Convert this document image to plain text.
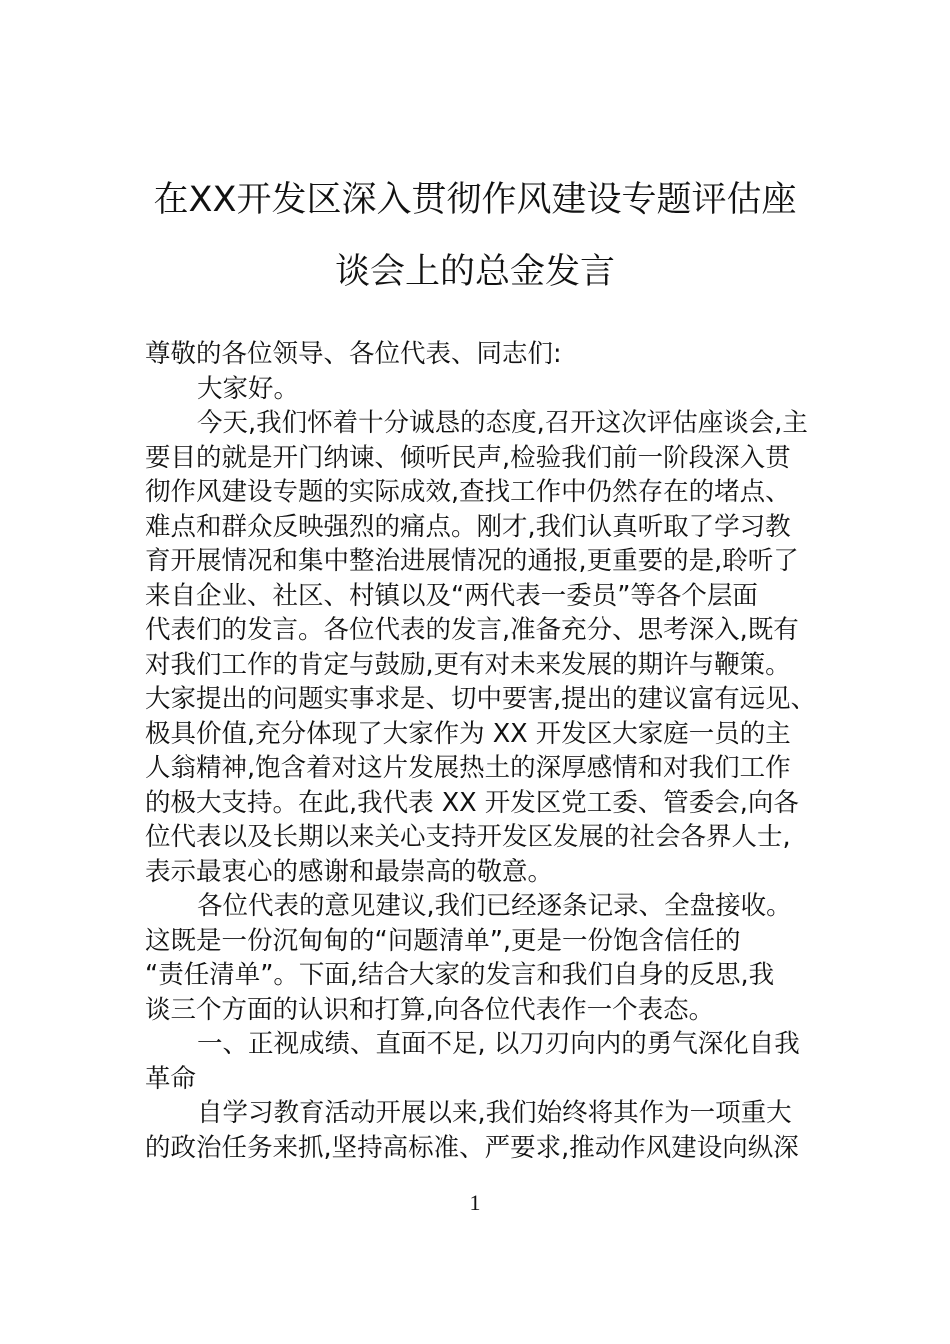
在XX开发区深入贯彻作风建设专题评估座
谈会上的总金发言
尊敬的各位领导、各位代表、同志们:
大家好。
今天,我们怀着十分诚恳的态度,召开这次评估座谈会,主
要目的就是开门纳谏、倾听民声,检验我们前一阶段深入贯
彻作风建设专题的实际成效,查找工作中仍然存在的堵点、
难点和群众反映强烈的痛点。刚才,我们认真听取了学习教
育开展情况和集中整治进展情况的通报,更重要的是,聆听了
来自企业、社区、村镇以及“两代表一委员”等各个层面
代表们的发言。各位代表的发言,准备充分、思考深入,既有
对我们工作的肯定与鼓励,更有对未来发展的期许与鞭策。
大家提出的问题实事求是、切中要害,提出的建议富有远见、
极具价值,充分体现了大家作为 XX 开发区大家庭一员的主
人翁精神,饱含着对这片发展热土的深厚感情和对我们工作
的极大支持。在此,我代表 XX 开发区党工委、管委会,向各
位代表以及长期以来关心支持开发区发展的社会各界人士,
表示最衷心的感谢和最崇高的敬意。
各位代表的意见建议,我们已经逐条记录、全盘接收。
这既是一份沉甸甸的“问题清单”,更是一份饱含信任的
“责任清单”。下面,结合大家的发言和我们自身的反思,我
谈三个方面的认识和打算,向各位代表作一个表态。
一、正视成绩、直面不足, 以刀刃向内的勇气深化自我
革命
自学习教育活动开展以来,我们始终将其作为一项重大
的政治任务来抓,坚持高标准、严要求,推动作风建设向纵深
1
